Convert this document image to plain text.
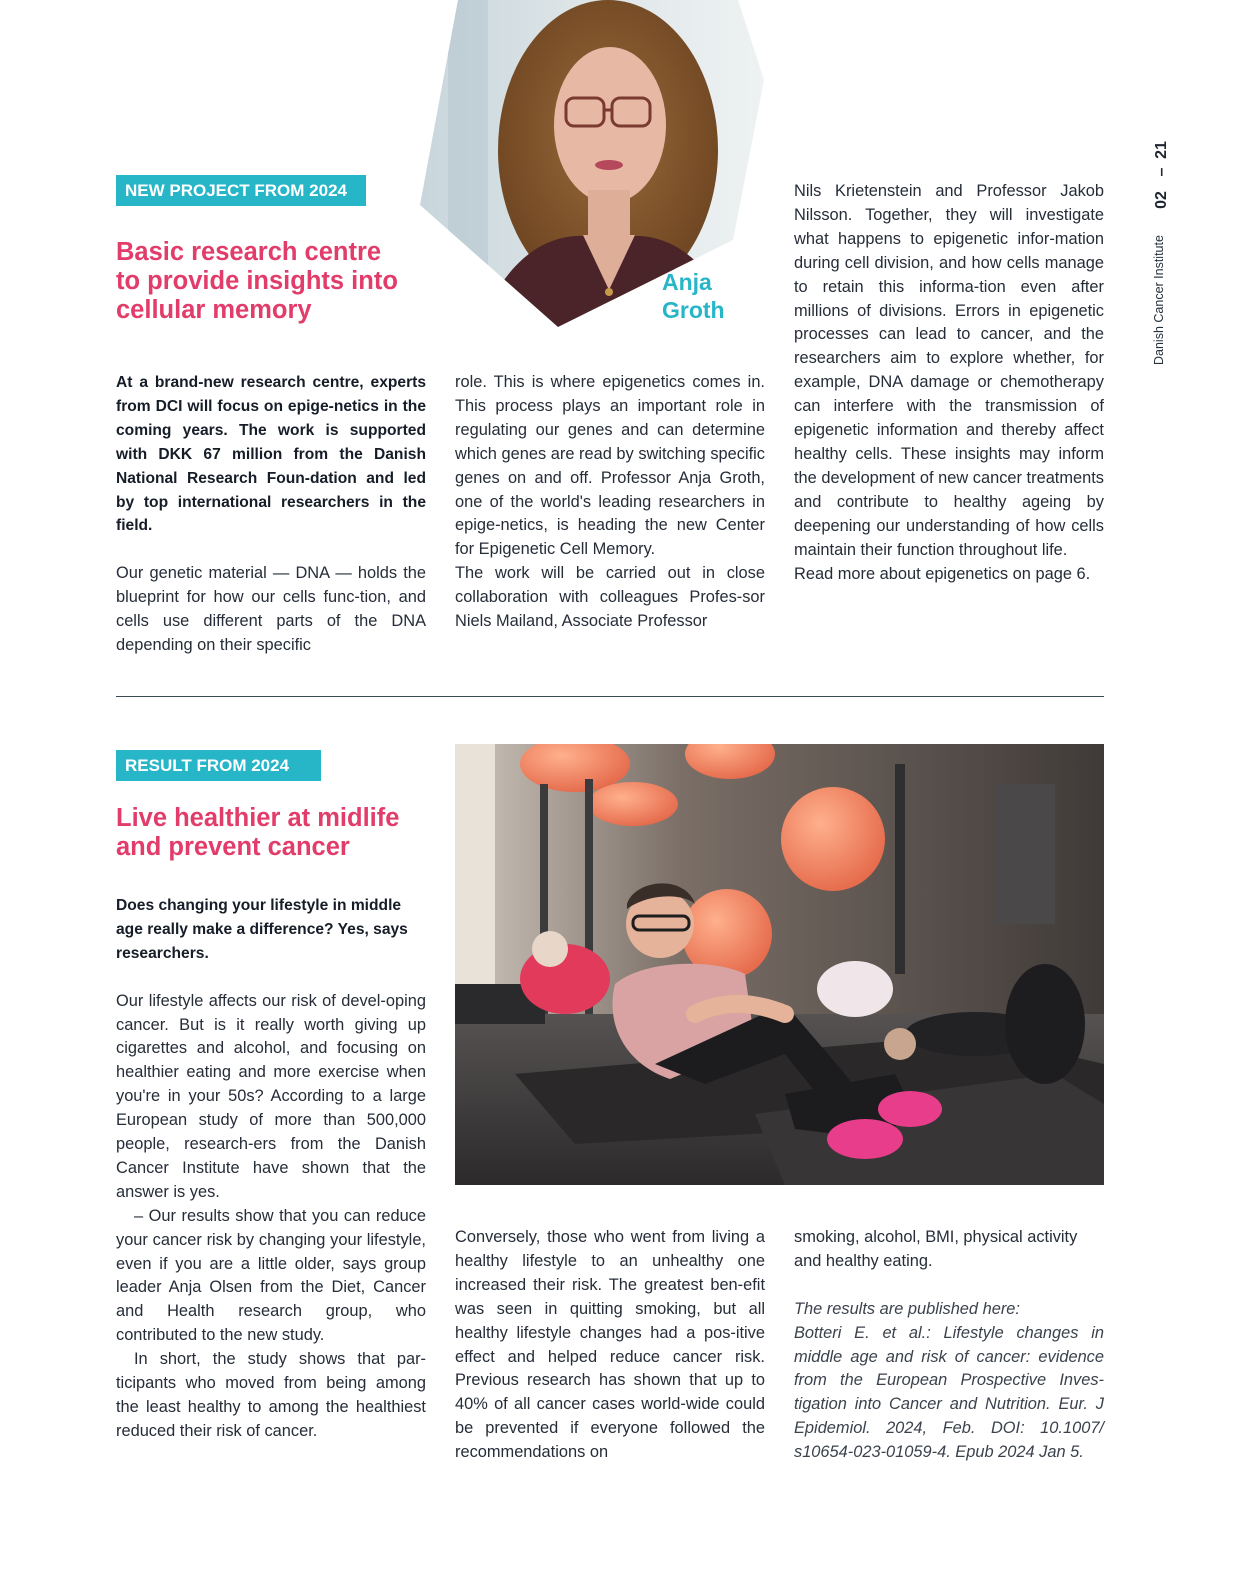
Danish Cancer Institute
21
–
02
NEW PROJECT FROM 2024

Basic research centre

to provide insights into

cellular memory

Anja
Groth

At a brand-new research centre, experts from DCI will focus on epige-netics in the coming years. The work is supported with DKK 67 million from the Danish National Research Foun-dation and led by top international researchers in the field.

Our genetic material — DNA — holds the blueprint for how our cells func-tion, and cells use different parts of the DNA depending on their specific

role. This is where epigenetics comes in. This process plays an important role in regulating our genes and can determine which genes are read by switching specific genes on and off. Professor Anja Groth, one of the world's leading researchers in epige-netics, is heading the new Center for Epigenetic Cell Memory.

The work will be carried out in close collaboration with colleagues Profes-sor Niels Mailand, Associate Professor

Nils Krietenstein and Professor Jakob Nilsson. Together, they will investigate what happens to epigenetic infor-mation during cell division, and how cells manage to retain this informa-tion even after millions of divisions. Errors in epigenetic processes can lead to cancer, and the researchers aim to explore whether, for example, DNA damage or chemotherapy can interfere with the transmission of epigenetic information and thereby affect healthy cells. These insights may inform the development of new cancer treatments and contribute to healthy ageing by deepening our understanding of how cells maintain their function throughout life.

Read more about epigenetics on page 6.

RESULT FROM 2024

Live healthier at midlife

and prevent cancer

Does changing your lifestyle in middle age really make a difference? Yes, says researchers.

Our lifestyle affects our risk of devel-oping cancer. But is it really worth giving up cigarettes and alcohol, and focusing on healthier eating and more exercise when you're in your 50s? According to a large European study of more than 500,000 people, research-ers from the Danish Cancer Institute have shown that the answer is yes.

– Our results show that you can reduce your cancer risk by changing your lifestyle, even if you are a little older, says group leader Anja Olsen from the Diet, Cancer and Health research group, who contributed to the new study.

In short, the study shows that par-ticipants who moved from being among the least healthy to among the healthiest reduced their risk of cancer.

Conversely, those who went from living a healthy lifestyle to an unhealthy one increased their risk. The greatest ben-efit was seen in quitting smoking, but all healthy lifestyle changes had a pos-itive effect and helped reduce cancer risk. Previous research has shown that up to 40% of all cancer cases world-wide could be prevented if everyone followed the recommendations on

smoking, alcohol, BMI, physical activity and healthy eating.

The results are published here:

Botteri E. et al.: Lifestyle changes in middle age and risk of cancer: evidence from the European Prospective Inves-tigation into Cancer and Nutrition. Eur. J Epidemiol. 2024, Feb. DOI: 10.1007/ s10654-023-01059-4. Epub 2024 Jan 5.
